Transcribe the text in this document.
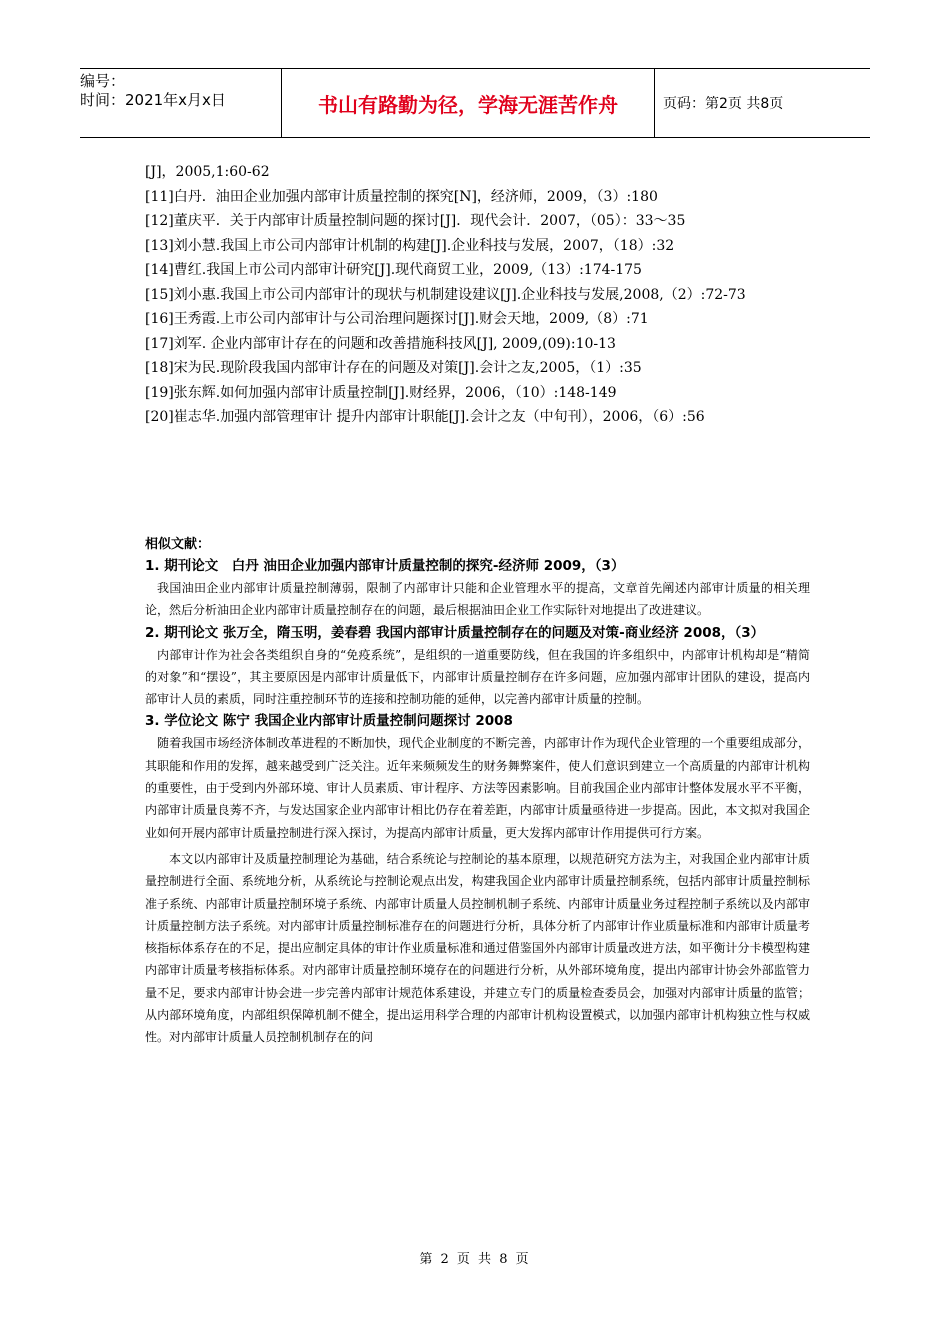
编号：
时间：2021年x月x日	书山有路勤为径，学海无涯苦作舟	页码：第2页 共8页
[J]，2005,1:60-62
[11]白丹．油田企业加强内部审计质量控制的探究[N]，经济师，2009，（3）:180
[12]董庆平．关于内部审计质量控制问题的探讨[J]．现代会计．2007，（05）：33～35
[13]刘小慧.我国上市公司内部审计机制的构建[J].企业科技与发展，2007，（18）:32
[14]曹红.我国上市公司内部审计研究[J].现代商贸工业，2009,（13）:174-175
[15]刘小惠.我国上市公司内部审计的现状与机制建设建议[J].企业科技与发展,2008,（2）:72-73
[16]王秀霞.上市公司内部审计与公司治理问题探讨[J].财会天地，2009,（8）:71
[17]刘军. 企业内部审计存在的问题和改善措施科技风[J], 2009,(09):10-13
[18]宋为民.现阶段我国内部审计存在的问题及对策[J].会计之友,2005，（1）:35
[19]张东辉.如何加强内部审计质量控制[J].财经界，2006，（10）:148-149
[20]崔志华.加强内部管理审计 提升内部审计职能[J].会计之友（中旬刊），2006，（6）:56
相似文献：
1. 期刊论文　白丹 油田企业加强内部审计质量控制的探究-经济师 2009，（3）

我国油田企业内部审计质量控制薄弱，限制了内部审计只能和企业管理水平的提高，文章首先阐述内部审计质量的相关理论，然后分析油田企业内部审计质量控制存在的问题，最后根据油田企业工作实际针对地提出了改进建议。

2. 期刊论文 张万全，隋玉明，姜春碧 我国内部审计质量控制存在的问题及对策-商业经济 2008，（3）

内部审计作为社会各类组织自身的“免疫系统”，是组织的一道重要防线，但在我国的许多组织中，内部审计机构却是“精简的对象”和“摆设”，其主要原因是内部审计质量低下，内部审计质量控制存在许多问题，应加强内部审计团队的建设，提高内部审计人员的素质，同时注重控制环节的连接和控制功能的延伸，以完善内部审计质量的控制。

3. 学位论文 陈宁 我国企业内部审计质量控制问题探讨 2008

随着我国市场经济体制改革进程的不断加快，现代企业制度的不断完善，内部审计作为现代企业管理的一个重要组成部分，其职能和作用的发挥，越来越受到广泛关注。近年来频频发生的财务舞弊案件，使人们意识到建立一个高质量的内部审计机构的重要性，由于受到内外部环境、审计人员素质、审计程序、方法等因素影响。目前我国企业内部审计整体发展水平不平衡，内部审计质量良莠不齐，与发达国家企业内部审计相比仍存在着差距，内部审计质量亟待进一步提高。因此，本文拟对我国企业如何开展内部审计质量控制进行深入探讨，为提高内部审计质量，更大发挥内部审计作用提供可行方案。

本文以内部审计及质量控制理论为基础，结合系统论与控制论的基本原理，以规范研究方法为主，对我国企业内部审计质量控制进行全面、系统地分析，从系统论与控制论观点出发，构建我国企业内部审计质量控制系统，包括内部审计质量控制标准子系统、内部审计质量控制环境子系统、内部审计质量人员控制机制子系统、内部审计质量业务过程控制子系统以及内部审计质量控制方法子系统。对内部审计质量控制标准存在的问题进行分析，具体分析了内部审计作业质量标准和内部审计质量考核指标体系存在的不足，提出应制定具体的审计作业质量标准和通过借鉴国外内部审计质量改进方法，如平衡计分卡模型构建内部审计质量考核指标体系。对内部审计质量控制环境存在的问题进行分析，从外部环境角度，提出内部审计协会外部监管力量不足，要求内部审计协会进一步完善内部审计规范体系建设，并建立专门的质量检查委员会，加强对内部审计质量的监管；从内部环境角度，内部组织保障机制不健全，提出运用科学合理的内部审计机构设置模式，以加强内部审计机构独立性与权威性。对内部审计质量人员控制机制存在的问

第 2 页 共 8 页
